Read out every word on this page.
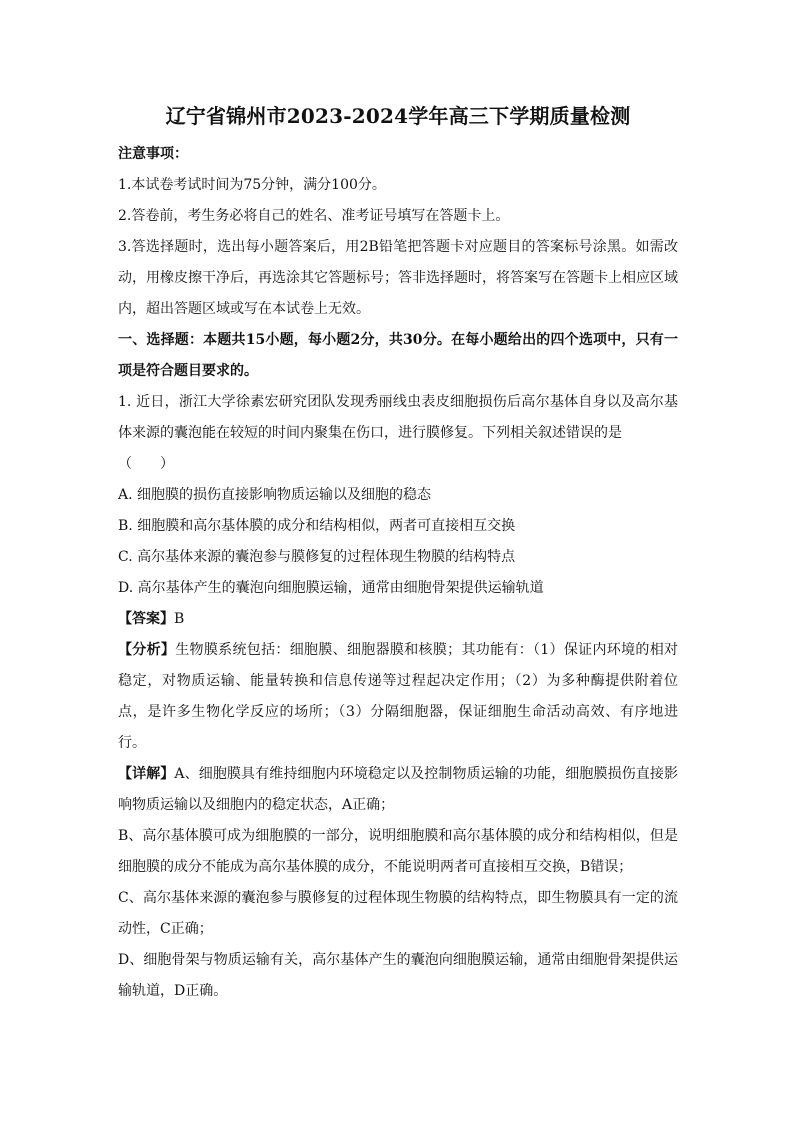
辽宁省锦州市2023-2024学年高三下学期质量检测

注意事项：

1.本试卷考试时间为75分钟，满分100分。

2.答卷前，考生务必将自己的姓名、准考证号填写在答题卡上。

3.答选择题时，选出每小题答案后，用2B铅笔把答题卡对应题目的答案标号涂黑。如需改动，用橡皮擦干净后，再选涂其它答题标号；答非选择题时，将答案写在答题卡上相应区域内，超出答题区域或写在本试卷上无效。

一、选择题：本题共15小题，每小题2分，共30分。在每小题给出的四个选项中，只有一项是符合题目要求的。

1. 近日，浙江大学徐素宏研究团队发现秀丽线虫表皮细胞损伤后高尔基体自身以及高尔基体来源的囊泡能在较短的时间内聚集在伤口，进行膜修复。下列相关叙述错误的是

（　　）

A. 细胞膜的损伤直接影响物质运输以及细胞的稳态

B. 细胞膜和高尔基体膜的成分和结构相似，两者可直接相互交换

C. 高尔基体来源的囊泡参与膜修复的过程体现生物膜的结构特点

D. 高尔基体产生的囊泡向细胞膜运输，通常由细胞骨架提供运输轨道

【答案】B

【分析】生物膜系统包括：细胞膜、细胞器膜和核膜；其功能有：（1）保证内环境的相对稳定，对物质运输、能量转换和信息传递等过程起决定作用；（2）为多种酶提供附着位点，是许多生物化学反应的场所；（3）分隔细胞器，保证细胞生命活动高效、有序地进行。

【详解】A、细胞膜具有维持细胞内环境稳定以及控制物质运输的功能，细胞膜损伤直接影响物质运输以及细胞内的稳定状态，A正确；

B、高尔基体膜可成为细胞膜的一部分，说明细胞膜和高尔基体膜的成分和结构相似，但是细胞膜的成分不能成为高尔基体膜的成分，不能说明两者可直接相互交换，B错误；

C、高尔基体来源的囊泡参与膜修复的过程体现生物膜的结构特点，即生物膜具有一定的流动性，C正确；

D、细胞骨架与物质运输有关，高尔基体产生的囊泡向细胞膜运输，通常由细胞骨架提供运输轨道，D正确。
